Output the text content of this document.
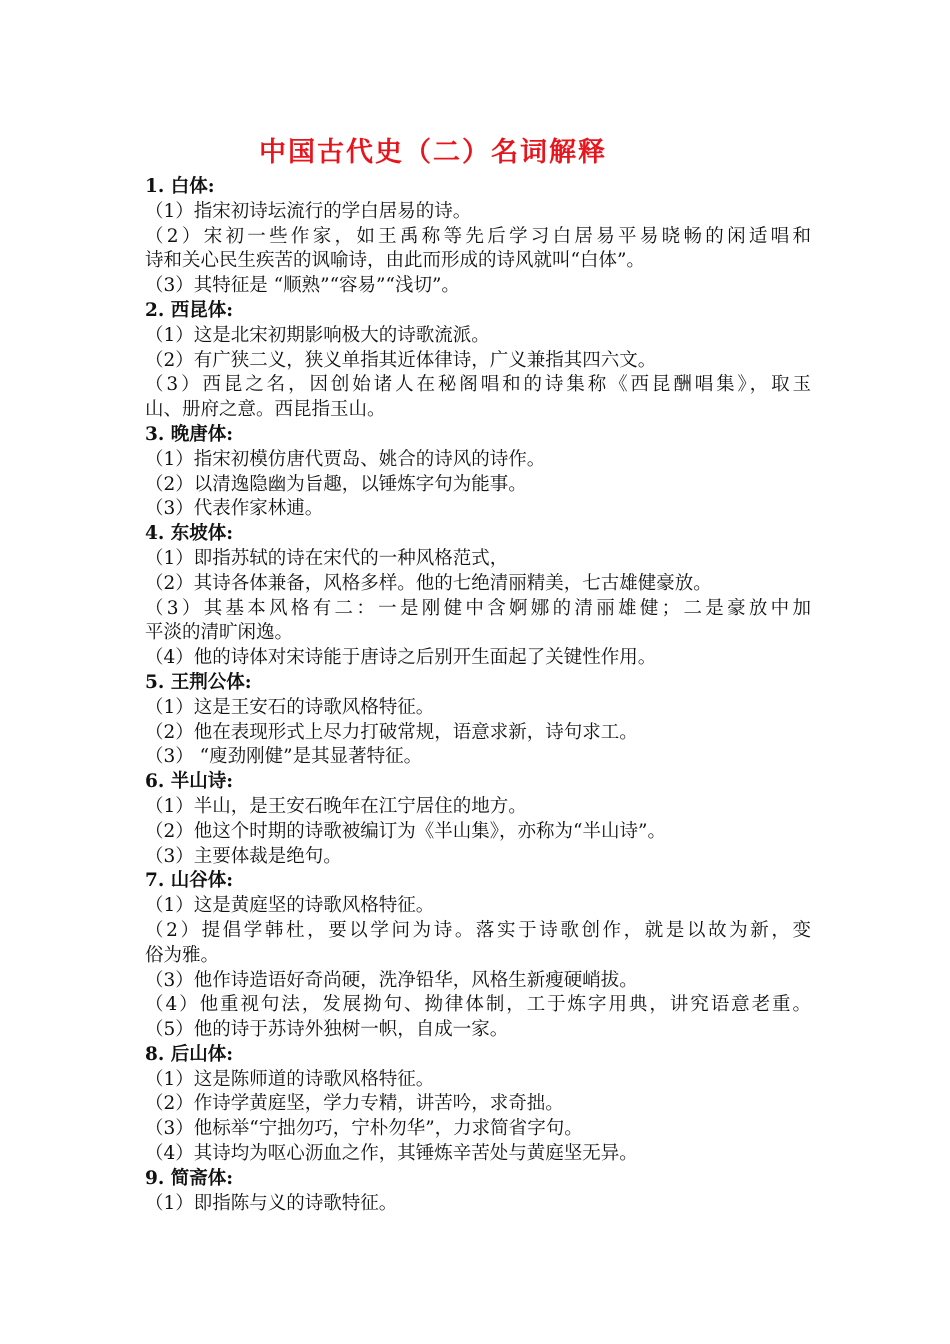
中国古代史（二）名词解释
1. 白体:
（1）指宋初诗坛流行的学白居易的诗。
（2）宋初一些作家，如王禹称等先后学习白居易平易晓畅的闲适唱和
诗和关心民生疾苦的讽喻诗，由此而形成的诗风就叫“白体”。
（3）其特征是 “顺熟”“容易”“浅切”。
2. 西昆体:
（1）这是北宋初期影响极大的诗歌流派。
（2）有广狭二义，狭义单指其近体律诗，广义兼指其四六文。
（3）西昆之名，因创始诸人在秘阁唱和的诗集称《西昆酬唱集》，取玉
山、册府之意。西昆指玉山。
3. 晚唐体:
（1）指宋初模仿唐代贾岛、姚合的诗风的诗作。
（2）以清逸隐幽为旨趣，以锤炼字句为能事。
（3）代表作家林逋。
4. 东坡体:
（1）即指苏轼的诗在宋代的一种风格范式，
（2）其诗各体兼备，风格多样。他的七绝清丽精美，七古雄健豪放。
（3）其基本风格有二：一是刚健中含婀娜的清丽雄健；二是豪放中加
平淡的清旷闲逸。
（4）他的诗体对宋诗能于唐诗之后别开生面起了关键性作用。
5. 王荆公体:
（1）这是王安石的诗歌风格特征。
（2）他在表现形式上尽力打破常规，语意求新，诗句求工。
（3） “廋劲刚健”是其显著特征。
6. 半山诗:
（1）半山，是王安石晚年在江宁居住的地方。
（2）他这个时期的诗歌被编订为《半山集》，亦称为“半山诗”。
（3）主要体裁是绝句。
7. 山谷体:
（1）这是黄庭坚的诗歌风格特征。
（2）提倡学韩杜，要以学问为诗。落实于诗歌创作，就是以故为新，变
俗为雅。
（3）他作诗造语好奇尚硬，洗净铅华，风格生新瘦硬峭拔。
（4）他重视句法，发展拗句、拗律体制，工于炼字用典，讲究语意老重。
（5）他的诗于苏诗外独树一帜，自成一家。
8. 后山体:
（1）这是陈师道的诗歌风格特征。
（2）作诗学黄庭坚，学力专精，讲苦吟，求奇拙。
（3）他标举“宁拙勿巧，宁朴勿华”，力求简省字句。
（4）其诗均为呕心沥血之作，其锤炼辛苦处与黄庭坚无异。
9. 简斋体:
（1）即指陈与义的诗歌特征。
